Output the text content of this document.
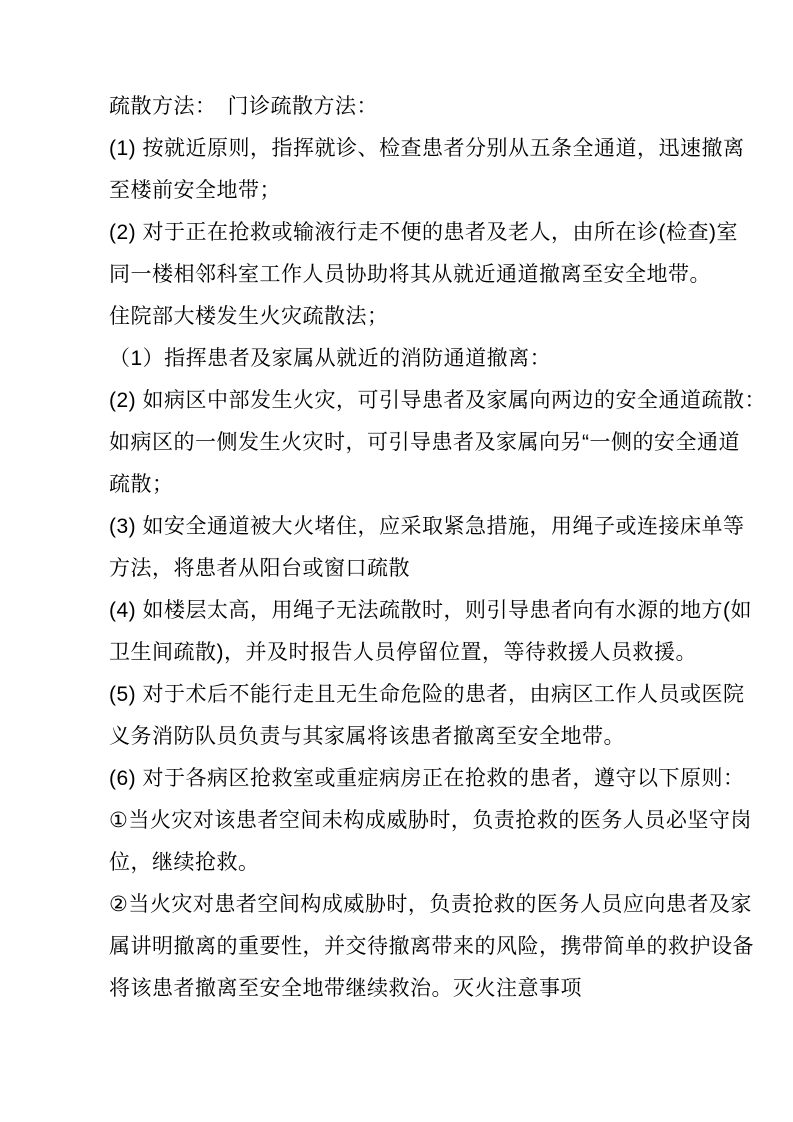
疏散方法：　门诊疏散方法：
(1) 按就近原则，指挥就诊、检查患者分别从五条全通道，迅速撤离
至楼前安全地带；
(2) 对于正在抢救或输液行走不便的患者及老人，由所在诊(检查)室
同一楼相邻科室工作人员协助将其从就近通道撤离至安全地带。
住院部大楼发生火灾疏散法；
（1）指挥患者及家属从就近的消防通道撤离：
(2) 如病区中部发生火灾，可引导患者及家属向两边的安全通道疏散：
如病区的一侧发生火灾时，可引导患者及家属向另“一侧的安全通道
疏散；
(3) 如安全通道被大火堵住，应采取紧急措施，用绳子或连接床单等
方法，将患者从阳台或窗口疏散
(4) 如楼层太高，用绳子无法疏散时，则引导患者向有水源的地方(如
卫生间疏散)，并及时报告人员停留位置，等待救援人员救援。
(5) 对于术后不能行走且无生命危险的患者，由病区工作人员或医院
义务消防队员负责与其家属将该患者撤离至安全地带。
(6) 对于各病区抢救室或重症病房正在抢救的患者，遵守以下原则：
①当火灾对该患者空间未构成威胁时，负责抢救的医务人员必坚守岗
位，继续抢救。
②当火灾对患者空间构成威胁时，负责抢救的医务人员应向患者及家
属讲明撤离的重要性，并交待撤离带来的风险，携带简单的救护设备
将该患者撤离至安全地带继续救治。灭火注意事项
